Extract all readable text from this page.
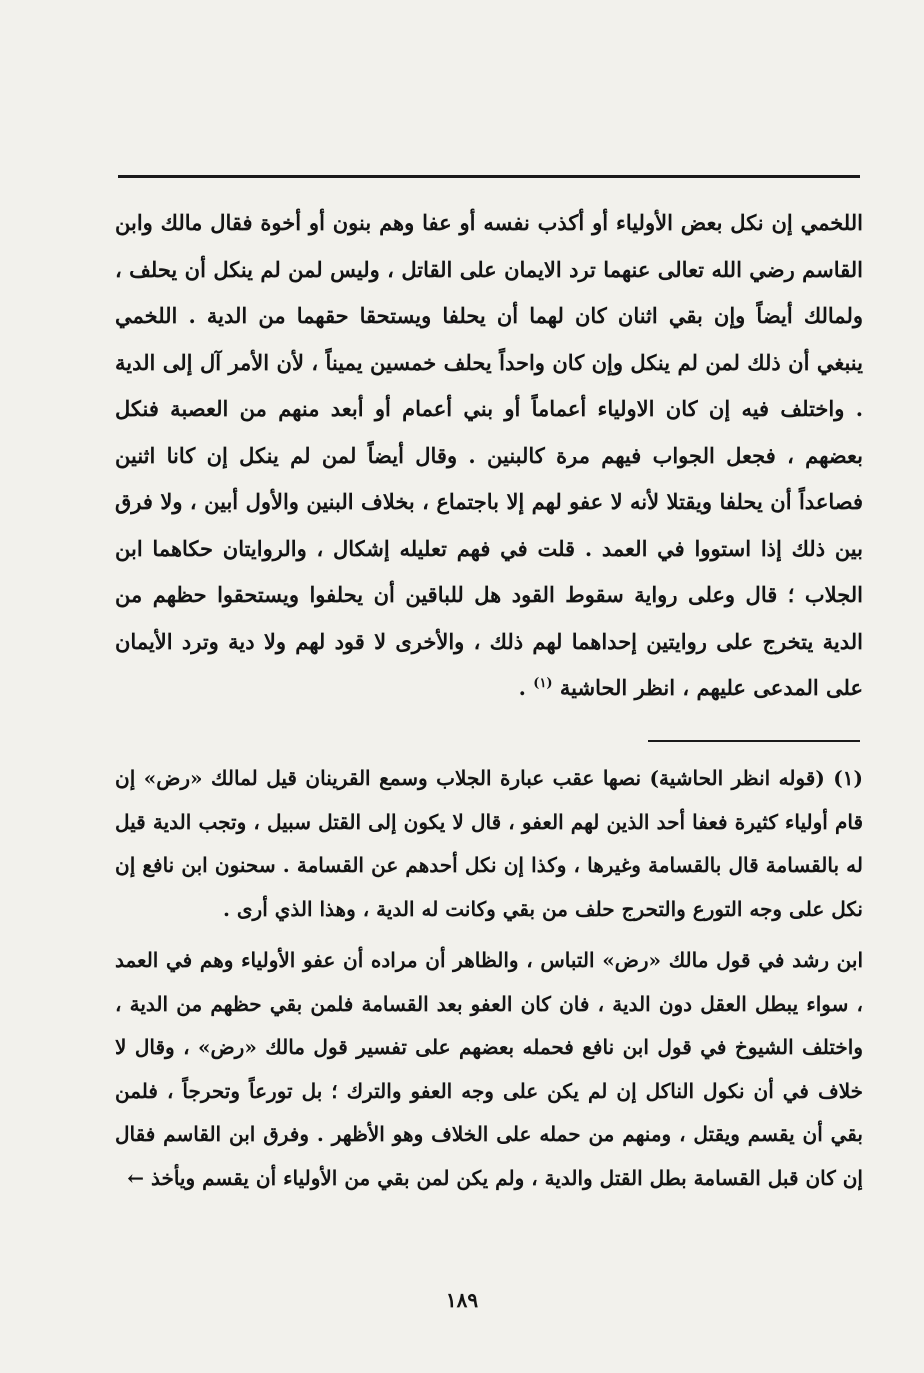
اللخمي إن نكل بعض الأولياء أو أكذب نفسه أو عفا وهم بنون أو أخوة فقال مالك وابن القاسم رضي الله تعالى عنهما ترد الايمان على القاتل ، وليس لمن لم ينكل أن يحلف ، ولمالك أيضاً وإن بقي اثنان كان لهما أن يحلفا ويستحقا حقهما من الدية . اللخمي ينبغي أن ذلك لمن لم ينكل وإن كان واحداً يحلف خمسين يميناً ، لأن الأمر آل إلى الدية . واختلف فيه إن كان الاولياء أعماماً أو بني أعمام أو أبعد منهم من العصبة فنكل بعضهم ، فجعل الجواب فيهم مرة كالبنين . وقال أيضاً لمن لم ينكل إن كانا اثنين فصاعداً أن يحلفا ويقتلا لأنه لا عفو لهم إلا باجتماع ، بخلاف البنين والأول أبين ، ولا فرق بين ذلك إذا استووا في العمد . قلت في فهم تعليله إشكال ، والروايتان حكاهما ابن الجلاب ؛ قال وعلى رواية سقوط القود هل للباقين أن يحلفوا ويستحقوا حظهم من الدية يتخرج على روايتين إحداهما لهم ذلك ، والأخرى لا قود لهم ولا دية وترد الأيمان على المدعى عليهم ، انظر الحاشية $^{(١)}$ .

(١) (قوله انظر الحاشية) نصها عقب عبارة الجلاب وسمع القرينان قيل لمالك «رض» إن قام أولياء كثيرة فعفا أحد الذين لهم العفو ، قال لا يكون إلى القتل سبيل ، وتجب الدية قيل له بالقسامة قال بالقسامة وغيرها ، وكذا إن نكل أحدهم عن القسامة . سحنون ابن نافع إن نكل على وجه التورع والتحرج حلف من بقي وكانت له الدية ، وهذا الذي أرى .

ابن رشد في قول مالك «رض» التباس ، والظاهر أن مراده أن عفو الأولياء وهم في العمد ، سواء يبطل العقل دون الدية ، فان كان العفو بعد القسامة فلمن بقي حظهم من الدية ، واختلف الشيوخ في قول ابن نافع فحمله بعضهم على تفسير قول مالك «رض» ، وقال لا خلاف في أن نكول الناكل إن لم يكن على وجه العفو والترك ؛ بل تورعاً وتحرجاً ، فلمن بقي أن يقسم ويقتل ، ومنهم من حمله على الخلاف وهو الأظهر . وفرق ابن القاسم فقال إن كان قبل القسامة بطل القتل والدية ، ولم يكن لمن بقي من الأولياء أن يقسم ويأخذ ←

١٨٩
